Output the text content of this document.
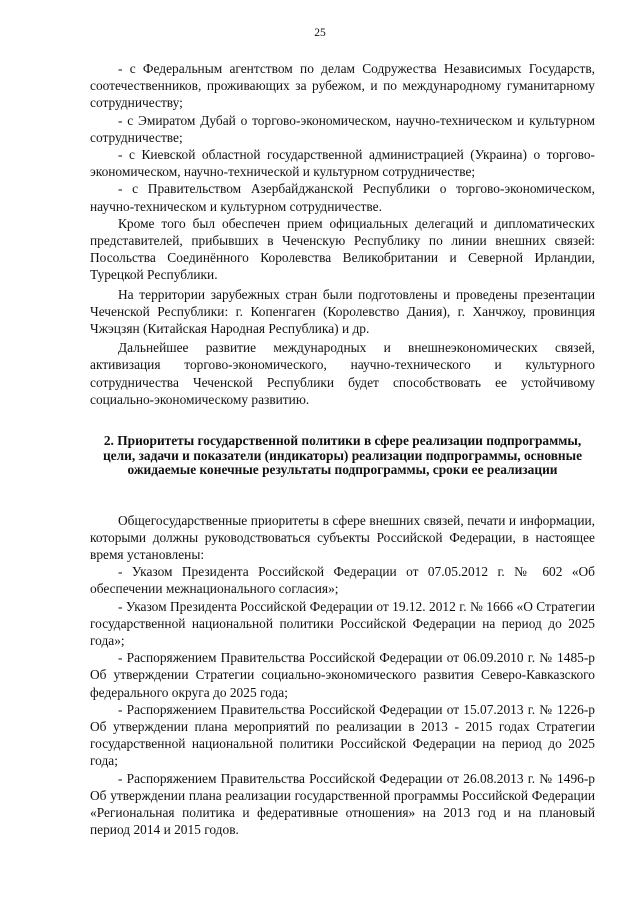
25

- с Федеральным агентством по делам Содружества Независимых Государств, соотечественников, проживающих за рубежом, и по международному гуманитарному сотрудничеству;

- с Эмиратом Дубай о торгово-экономическом, научно-техническом и культурном сотрудничестве;

- с Киевской областной государственной администрацией (Украина) о торгово-экономическом, научно-технической и культурном сотрудничестве;

- с Правительством Азербайджанской Республики о торгово-экономическом, научно-техническом и культурном сотрудничестве.

Кроме того был обеспечен прием официальных делегаций и дипломатических представителей, прибывших в Чеченскую Республику по линии внешних связей: Посольства Соединённого Королевства Великобритании и Северной Ирландии, Турецкой Республики.

На территории зарубежных стран были подготовлены и проведены презентации Чеченской Республики: г. Копенгаген (Королевство Дания), г. Ханчжоу, провинция Чжэцзян (Китайская Народная Республика) и др.

Дальнейшее развитие международных и внешнеэкономических связей, активизация торгово-экономического, научно-технического и культурного сотрудничества Чеченской Республики будет способствовать ее устойчивому социально-экономическому развитию.

2. Приоритеты государственной политики в сфере реализации подпрограммы, цели, задачи и показатели (индикаторы) реализации подпрограммы, основные ожидаемые конечные результаты подпрограммы, сроки ее реализации

Общегосударственные приоритеты в сфере внешних связей, печати и информации, которыми должны руководствоваться субъекты Российской Федерации, в настоящее время установлены:

- Указом Президента Российской Федерации от 07.05.2012 г. № 602 «Об обеспечении межнационального согласия»;

- Указом Президента Российской Федерации от 19.12. 2012 г. № 1666 «О Стратегии государственной национальной политики Российской Федерации на период до 2025 года»;

- Распоряжением Правительства Российской Федерации от 06.09.2010 г. № 1485-р Об утверждении Стратегии социально-экономического развития Северо-Кавказского федерального округа до 2025 года;

- Распоряжением Правительства Российской Федерации от 15.07.2013 г. № 1226-р Об утверждении плана мероприятий по реализации в 2013 - 2015 годах Стратегии государственной национальной политики Российской Федерации на период до 2025 года;

- Распоряжением Правительства Российской Федерации от 26.08.2013 г. № 1496-р Об утверждении плана реализации государственной программы Российской Федерации «Региональная политика и федеративные отношения» на 2013 год и на плановый период 2014 и 2015 годов.
